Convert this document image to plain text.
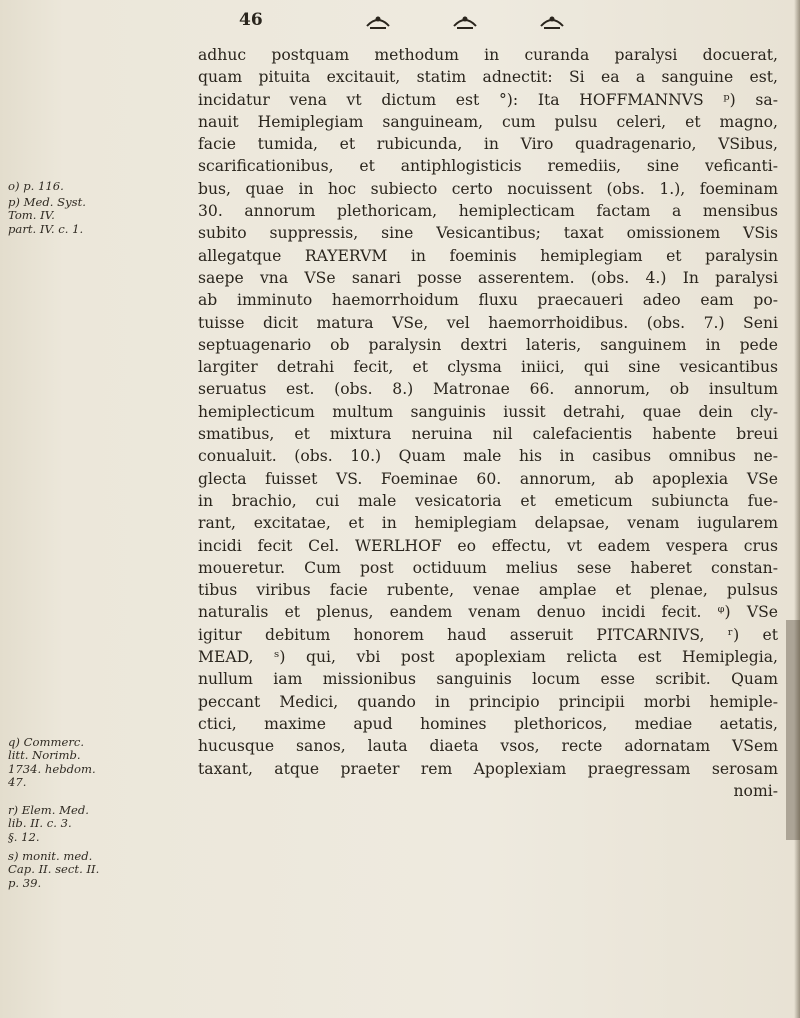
46
o) p. 116.
p) Med. Syst.
Tom. IV.
part. IV. c. 1.
q) Commerc.
litt. Norimb.
1734. hebdom.
47.
r) Elem. Med.
lib. II. c. 3.
§. 12.
s) monit. med.
Cap. II. sect. II.
p. 39.
adhuc postquam methodum in curanda paralysi docuerat,
quam pituita excitauit, statim adnectit: Si ea a sanguine est,
incidatur vena vt dictum est °): Ita HOFFMANNVS ᵖ) sa-
nauit Hemiplegiam sanguineam, cum pulsu celeri, et magno,
facie tumida, et rubicunda, in Viro quadragenario, VSibus,
scarificationibus, et antiphlogisticis remediis, sine veficanti-
bus, quae in hoc subiecto certo nocuissent (obs. 1.), foeminam
30. annorum plethoricam, hemiplecticam factam a mensibus
subito suppressis, sine Vesicantibus; taxat omissionem VSis
allegatque RAYERVM in foeminis hemiplegiam et paralysin
saepe vna VSe sanari posse asserentem. (obs. 4.) In paralysi
ab imminuto haemorrhoidum fluxu praecaueri adeo eam po-
tuisse dicit matura VSe, vel haemorrhoidibus. (obs. 7.) Seni
septuagenario ob paralysin dextri lateris, sanguinem in pede
largiter detrahi fecit, et clysma iniici, qui sine vesicantibus
seruatus est. (obs. 8.) Matronae 66. annorum, ob insultum
hemiplecticum multum sanguinis iussit detrahi, quae dein cly-
smatibus, et mixtura neruina nil calefacientis habente breui
conualuit. (obs. 10.) Quam male his in casibus omnibus ne-
glecta fuisset VS. Foeminae 60. annorum, ab apoplexia VSe
in brachio, cui male vesicatoria et emeticum subiuncta fue-
rant, excitatae, et in hemiplegiam delapsae, venam iugularem
incidi fecit Cel. WERLHOF eo effectu, vt eadem vespera crus
moueretur. Cum post octiduum melius sese haberet constan-
tibus viribus facie rubente, venae amplae et plenae, pulsus
naturalis et plenus, eandem venam denuo incidi fecit. ᵠ) VSe
igitur debitum honorem haud asseruit PITCARNIVS, ʳ) et
MEAD, ˢ) qui, vbi post apoplexiam relicta est Hemiplegia,
nullum iam missionibus sanguinis locum esse scribit. Quam
peccant Medici, quando in principio principii morbi hemiple-
ctici, maxime apud homines plethoricos, mediae aetatis,
hucusque sanos, lauta diaeta vsos, recte adornatam VSem
taxant, atque praeter rem Apoplexiam praegressam serosam
nomi-
